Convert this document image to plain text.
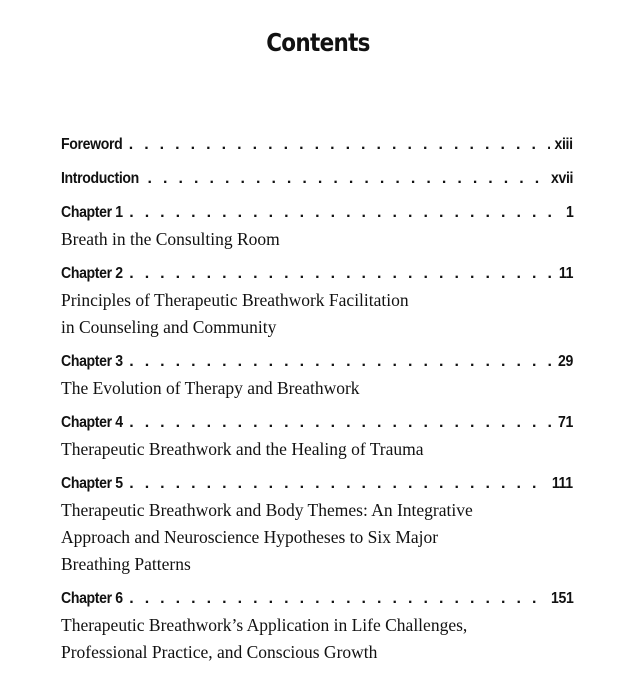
Contents
Foreword . . .	xiii
Introduction . . .	xvii
Chapter 1 . . .	1

Breath in the Consulting Room

Chapter 2 . . .	11

Principles of Therapeutic Breathwork Facilitation

in Counseling and Community

Chapter 3 . . .	29

The Evolution of Therapy and Breathwork

Chapter 4 . . .	71

Therapeutic Breathwork and the Healing of Trauma

Chapter 5 . . .	111

Therapeutic Breathwork and Body Themes: An Integrative

Approach and Neuroscience Hypotheses to Six Major

Breathing Patterns

Chapter 6 . . .	151

Therapeutic Breathwork’s Application in Life Challenges,

Professional Practice, and Conscious Growth
